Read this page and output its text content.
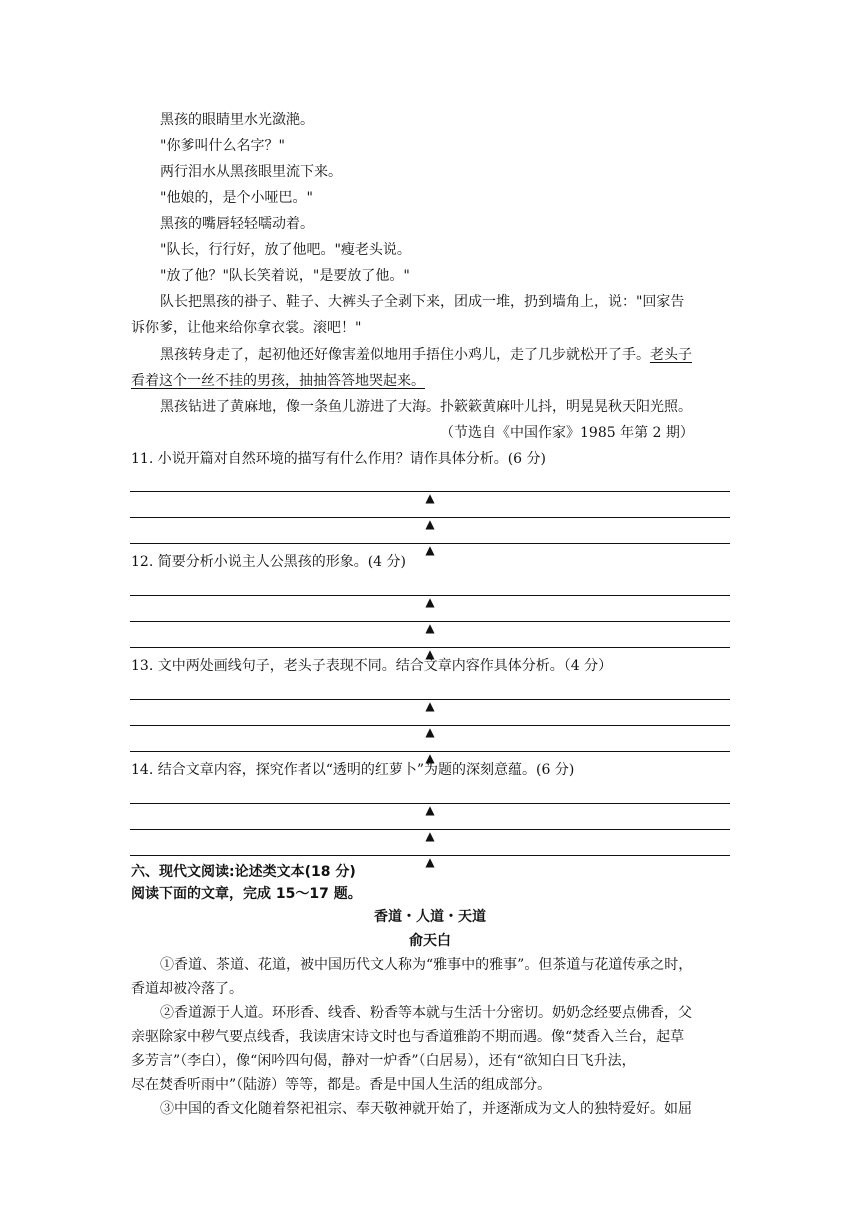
黑孩的眼睛里水光潋滟。
"你爹叫什么名字？"
两行泪水从黑孩眼里流下来。
"他娘的，是个小哑巴。"
黑孩的嘴唇轻轻嚅动着。
"队长，行行好，放了他吧。"瘦老头说。
"放了他？"队长笑着说，"是要放了他。"
队长把黑孩的褂子、鞋子、大裤头子全剥下来，团成一堆，扔到墙角上，说："回家告
诉你爹，让他来给你拿衣裳。滚吧！"
黑孩转身走了，起初他还好像害羞似地用手捂住小鸡儿，走了几步就松开了手。老头子
看着这个一丝不挂的男孩，抽抽答答地哭起来。
黑孩钻进了黄麻地，像一条鱼儿游进了大海。扑簌簌黄麻叶儿抖，明晃晃秋天阳光照。
（节选自《中国作家》1985 年第 2 期）
11. 小说开篇对自然环境的描写有什么作用？请作具体分析。(6 分)
▲
▲
▲
12. 简要分析小说主人公黑孩的形象。(4 分)
▲
▲
▲
13. 文中两处画线句子，老头子表现不同。结合文章内容作具体分析。（4 分）
▲
▲
▲
14. 结合文章内容，探究作者以“透明的红萝卜”为题的深刻意蕴。(6 分)
▲
▲
▲
六、现代文阅读:论述类文本(18 分)
阅读下面的文章，完成 15～17 题。
香道・人道・天道
俞天白
①香道、茶道、花道，被中国历代文人称为“雅事中的雅事”。但茶道与花道传承之时，
香道却被冷落了。
②香道源于人道。环形香、线香、粉香等本就与生活十分密切。奶奶念经要点佛香，父
亲驱除家中秽气要点线香，我读唐宋诗文时也与香道雅韵不期而遇。像“焚香入兰台，起草
多芳言”（李白），像“闲吟四句偈，静对一炉香”（白居易），还有“欲知白日飞升法，
尽在焚香听雨中”（陆游）等等，都是。香是中国人生活的组成部分。
③中国的香文化随着祭祀祖宗、奉天敬神就开始了，并逐渐成为文人的独特爱好。如屈
